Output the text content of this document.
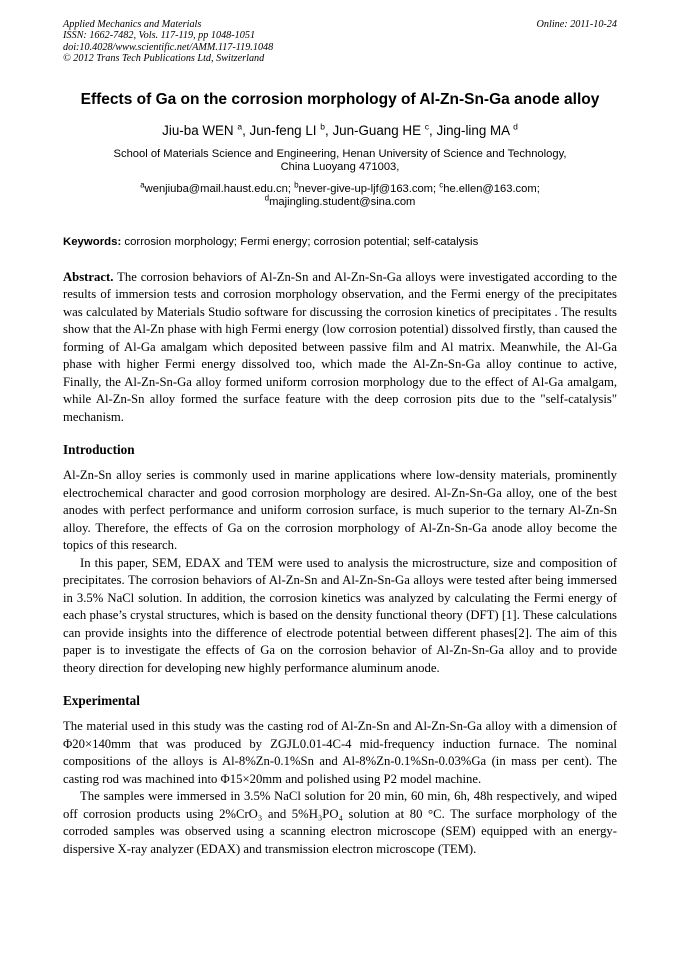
Applied Mechanics and Materials
ISSN: 1662-7482, Vols. 117-119, pp 1048-1051
doi:10.4028/www.scientific.net/AMM.117-119.1048
© 2012 Trans Tech Publications Ltd, Switzerland
Online: 2011-10-24
Effects of Ga on the corrosion morphology of Al-Zn-Sn-Ga anode alloy
Jiu-ba WEN $^a$, Jun-feng LI $^b$, Jun-Guang HE $^c$, Jing-ling MA $^d$
School of Materials Science and Engineering, Henan University of Science and Technology,
China Luoyang 471003,
$^a$wenjiuba@mail.haust.edu.cn; $^b$never-give-up-ljf@163.com; $^c$he.ellen@163.com;
$^d$majingling.student@sina.com

Keywords: corrosion morphology; Fermi energy; corrosion potential; self-catalysis

Abstract. The corrosion behaviors of Al-Zn-Sn and Al-Zn-Sn-Ga alloys were investigated according to the results of immersion tests and corrosion morphology observation, and the Fermi energy of the precipitates was calculated by Materials Studio software for discussing the corrosion kinetics of precipitates . The results show that the Al-Zn phase with high Fermi energy (low corrosion potential) dissolved firstly, than caused the forming of Al-Ga amalgam which deposited between passive film and Al matrix. Meanwhile, the Al-Ga phase with higher Fermi energy dissolved too, which made the Al-Zn-Sn-Ga alloy continue to active, Finally, the Al-Zn-Sn-Ga alloy formed uniform corrosion morphology due to the effect of Al-Ga amalgam, while Al-Zn-Sn alloy formed the surface feature with the deep corrosion pits due to the "self-catalysis" mechanism.

Introduction

Al-Zn-Sn alloy series is commonly used in marine applications where low-density materials, prominently electrochemical character and good corrosion morphology are desired. Al-Zn-Sn-Ga alloy, one of the best anodes with perfect performance and uniform corrosion surface, is much superior to the ternary Al-Zn-Sn alloy. Therefore, the effects of Ga on the corrosion morphology of Al-Zn-Sn-Ga anode alloy become the topics of this research.

In this paper, SEM, EDAX and TEM were used to analysis the microstructure, size and composition of precipitates. The corrosion behaviors of Al-Zn-Sn and Al-Zn-Sn-Ga alloys were tested after being immersed in 3.5% NaCl solution. In addition, the corrosion kinetics was analyzed by calculating the Fermi energy of each phase’s crystal structures, which is based on the density functional theory (DFT) [1]. These calculations can provide insights into the difference of electrode potential between different phases[2]. The aim of this paper is to investigate the effects of Ga on the corrosion behavior of Al-Zn-Sn-Ga alloy and to provide theory direction for developing new highly performance aluminum anode.

Experimental

The material used in this study was the casting rod of Al-Zn-Sn and Al-Zn-Sn-Ga alloy with a dimension of Φ20×140mm that was produced by ZGJL0.01-4C-4 mid-frequency induction furnace. The nominal compositions of the alloys is Al-8%Zn-0.1%Sn and Al-8%Zn-0.1%Sn-0.03%Ga (in mass per cent). The casting rod was machined into Φ15×20mm and polished using P2 model machine.

The samples were immersed in 3.5% NaCl solution for 20 min, 60 min, 6h, 48h respectively, and wiped off corrosion products using 2%CrO₃ and 5%H₃PO₄ solution at 80 °C. The surface morphology of the corroded samples was observed using a scanning electron microscope (SEM) equipped with an energy-dispersive X-ray analyzer (EDAX) and transmission electron microscope (TEM).
